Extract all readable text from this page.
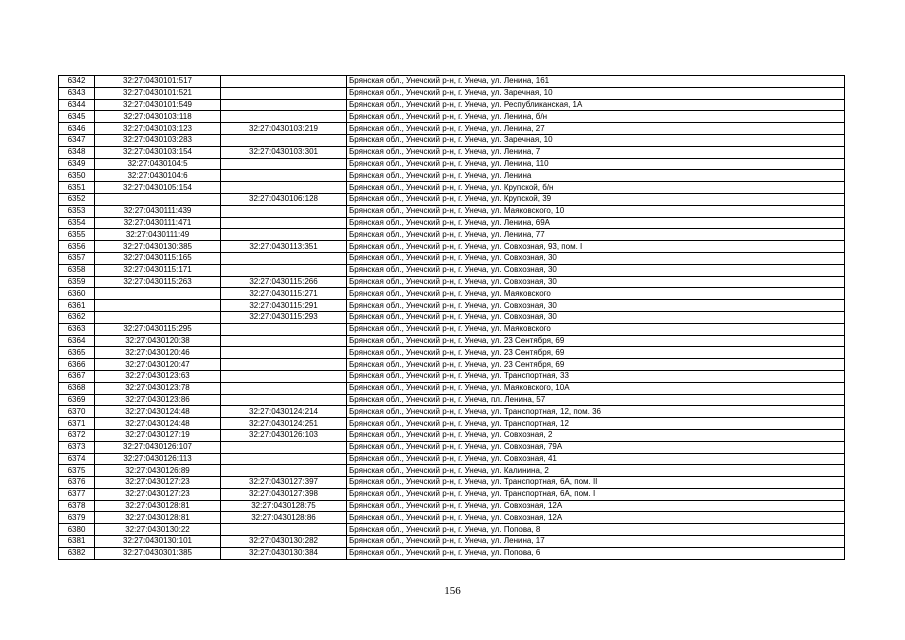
6342	32:27:0430101:517		Брянская обл., Унечский р-н, г. Унеча, ул. Ленина, 161
6343	32:27:0430101:521		Брянская обл., Унечский р-н, г. Унеча, ул. Заречная, 10
6344	32:27:0430101:549		Брянская обл., Унечский р-н, г. Унеча, ул. Республиканская, 1А
6345	32:27:0430103:118		Брянская обл., Унечский р-н, г. Унеча, ул. Ленина, б/н
6346	32:27:0430103:123	32:27:0430103:219	Брянская обл., Унечский р-н, г. Унеча, ул. Ленина, 27
6347	32:27:0430103:283		Брянская обл., Унечский р-н, г. Унеча, ул. Заречная, 10
6348	32:27:0430103:154	32:27:0430103:301	Брянская обл., Унечский р-н, г. Унеча, ул. Ленина, 7
6349	32:27:0430104:5		Брянская обл., Унечский р-н, г. Унеча, ул. Ленина, 110
6350	32:27:0430104:6		Брянская обл., Унечский р-н, г. Унеча, ул. Ленина
6351	32:27:0430105:154		Брянская обл., Унечский р-н, г. Унеча, ул. Крупской, б/н
6352		32:27:0430106:128	Брянская обл., Унечский р-н, г. Унеча, ул. Крупской, 39
6353	32:27:0430111:439		Брянская обл., Унечский р-н, г. Унеча, ул. Маяковского, 10
6354	32:27:0430111:471		Брянская обл., Унечский р-н, г. Унеча, ул. Ленина, 69А
6355	32:27:0430111:49		Брянская обл., Унечский р-н, г. Унеча, ул. Ленина, 77
6356	32:27:0430130:385	32:27:0430113:351	Брянская обл., Унечский р-н, г. Унеча, ул. Совхозная, 93, пом. I
6357	32:27:0430115:165		Брянская обл., Унечский р-н, г. Унеча, ул. Совхозная, 30
6358	32:27:0430115:171		Брянская обл., Унечский р-н, г. Унеча, ул. Совхозная, 30
6359	32:27:0430115:263	32:27:0430115:266	Брянская обл., Унечский р-н, г. Унеча, ул. Совхозная, 30
6360		32:27:0430115:271	Брянская обл., Унечский р-н, г. Унеча, ул. Маяковского
6361		32:27:0430115:291	Брянская обл., Унечский р-н, г. Унеча, ул. Совхозная, 30
6362		32:27:0430115:293	Брянская обл., Унечский р-н, г. Унеча, ул. Совхозная, 30
6363	32:27:0430115:295		Брянская обл., Унечский р-н, г. Унеча, ул. Маяковского
6364	32:27:0430120:38		Брянская обл., Унечский р-н, г. Унеча, ул. 23 Сентября, 69
6365	32:27:0430120:46		Брянская обл., Унечский р-н, г. Унеча, ул. 23 Сентября, 69
6366	32:27:0430120:47		Брянская обл., Унечский р-н, г. Унеча, ул. 23 Сентября, 69
6367	32:27:0430123:63		Брянская обл., Унечский р-н, г. Унеча, ул. Транспортная, 33
6368	32:27:0430123:78		Брянская обл., Унечский р-н, г. Унеча, ул. Маяковского, 10А
6369	32:27:0430123:86		Брянская обл., Унечский р-н, г. Унеча, пл. Ленина, 57
6370	32:27:0430124:48	32:27:0430124:214	Брянская обл., Унечский р-н, г. Унеча, ул. Транспортная, 12, пом. 36
6371	32:27:0430124:48	32:27:0430124:251	Брянская обл., Унечский р-н, г. Унеча, ул. Транспортная, 12
6372	32:27:0430127:19	32:27:0430126:103	Брянская обл., Унечский р-н, г. Унеча, ул. Совхозная, 2
6373	32:27:0430126:107		Брянская обл., Унечский р-н, г. Унеча, ул. Совхозная, 79А
6374	32:27:0430126:113		Брянская обл., Унечский р-н, г. Унеча, ул. Совхозная, 41
6375	32:27:0430126:89		Брянская обл., Унечский р-н, г. Унеча, ул. Калинина, 2
6376	32:27:0430127:23	32:27:0430127:397	Брянская обл., Унечский р-н, г. Унеча, ул. Транспортная, 6А, пом. II
6377	32:27:0430127:23	32:27:0430127:398	Брянская обл., Унечский р-н, г. Унеча, ул. Транспортная, 6А, пом. I
6378	32:27:0430128:81	32:27:0430128:75	Брянская обл., Унечский р-н, г. Унеча, ул. Совхозная, 12А
6379	32:27:0430128:81	32:27:0430128:86	Брянская обл., Унечский р-н, г. Унеча, ул. Совхозная, 12А
6380	32:27:0430130:22		Брянская обл., Унечский р-н, г. Унеча, ул. Попова, 8
6381	32:27:0430130:101	32:27:0430130:282	Брянская обл., Унечский р-н, г. Унеча, ул. Ленина, 17
6382	32:27:0430301:385	32:27:0430130:384	Брянская обл., Унечский р-н, г. Унеча, ул. Попова, 6
156
